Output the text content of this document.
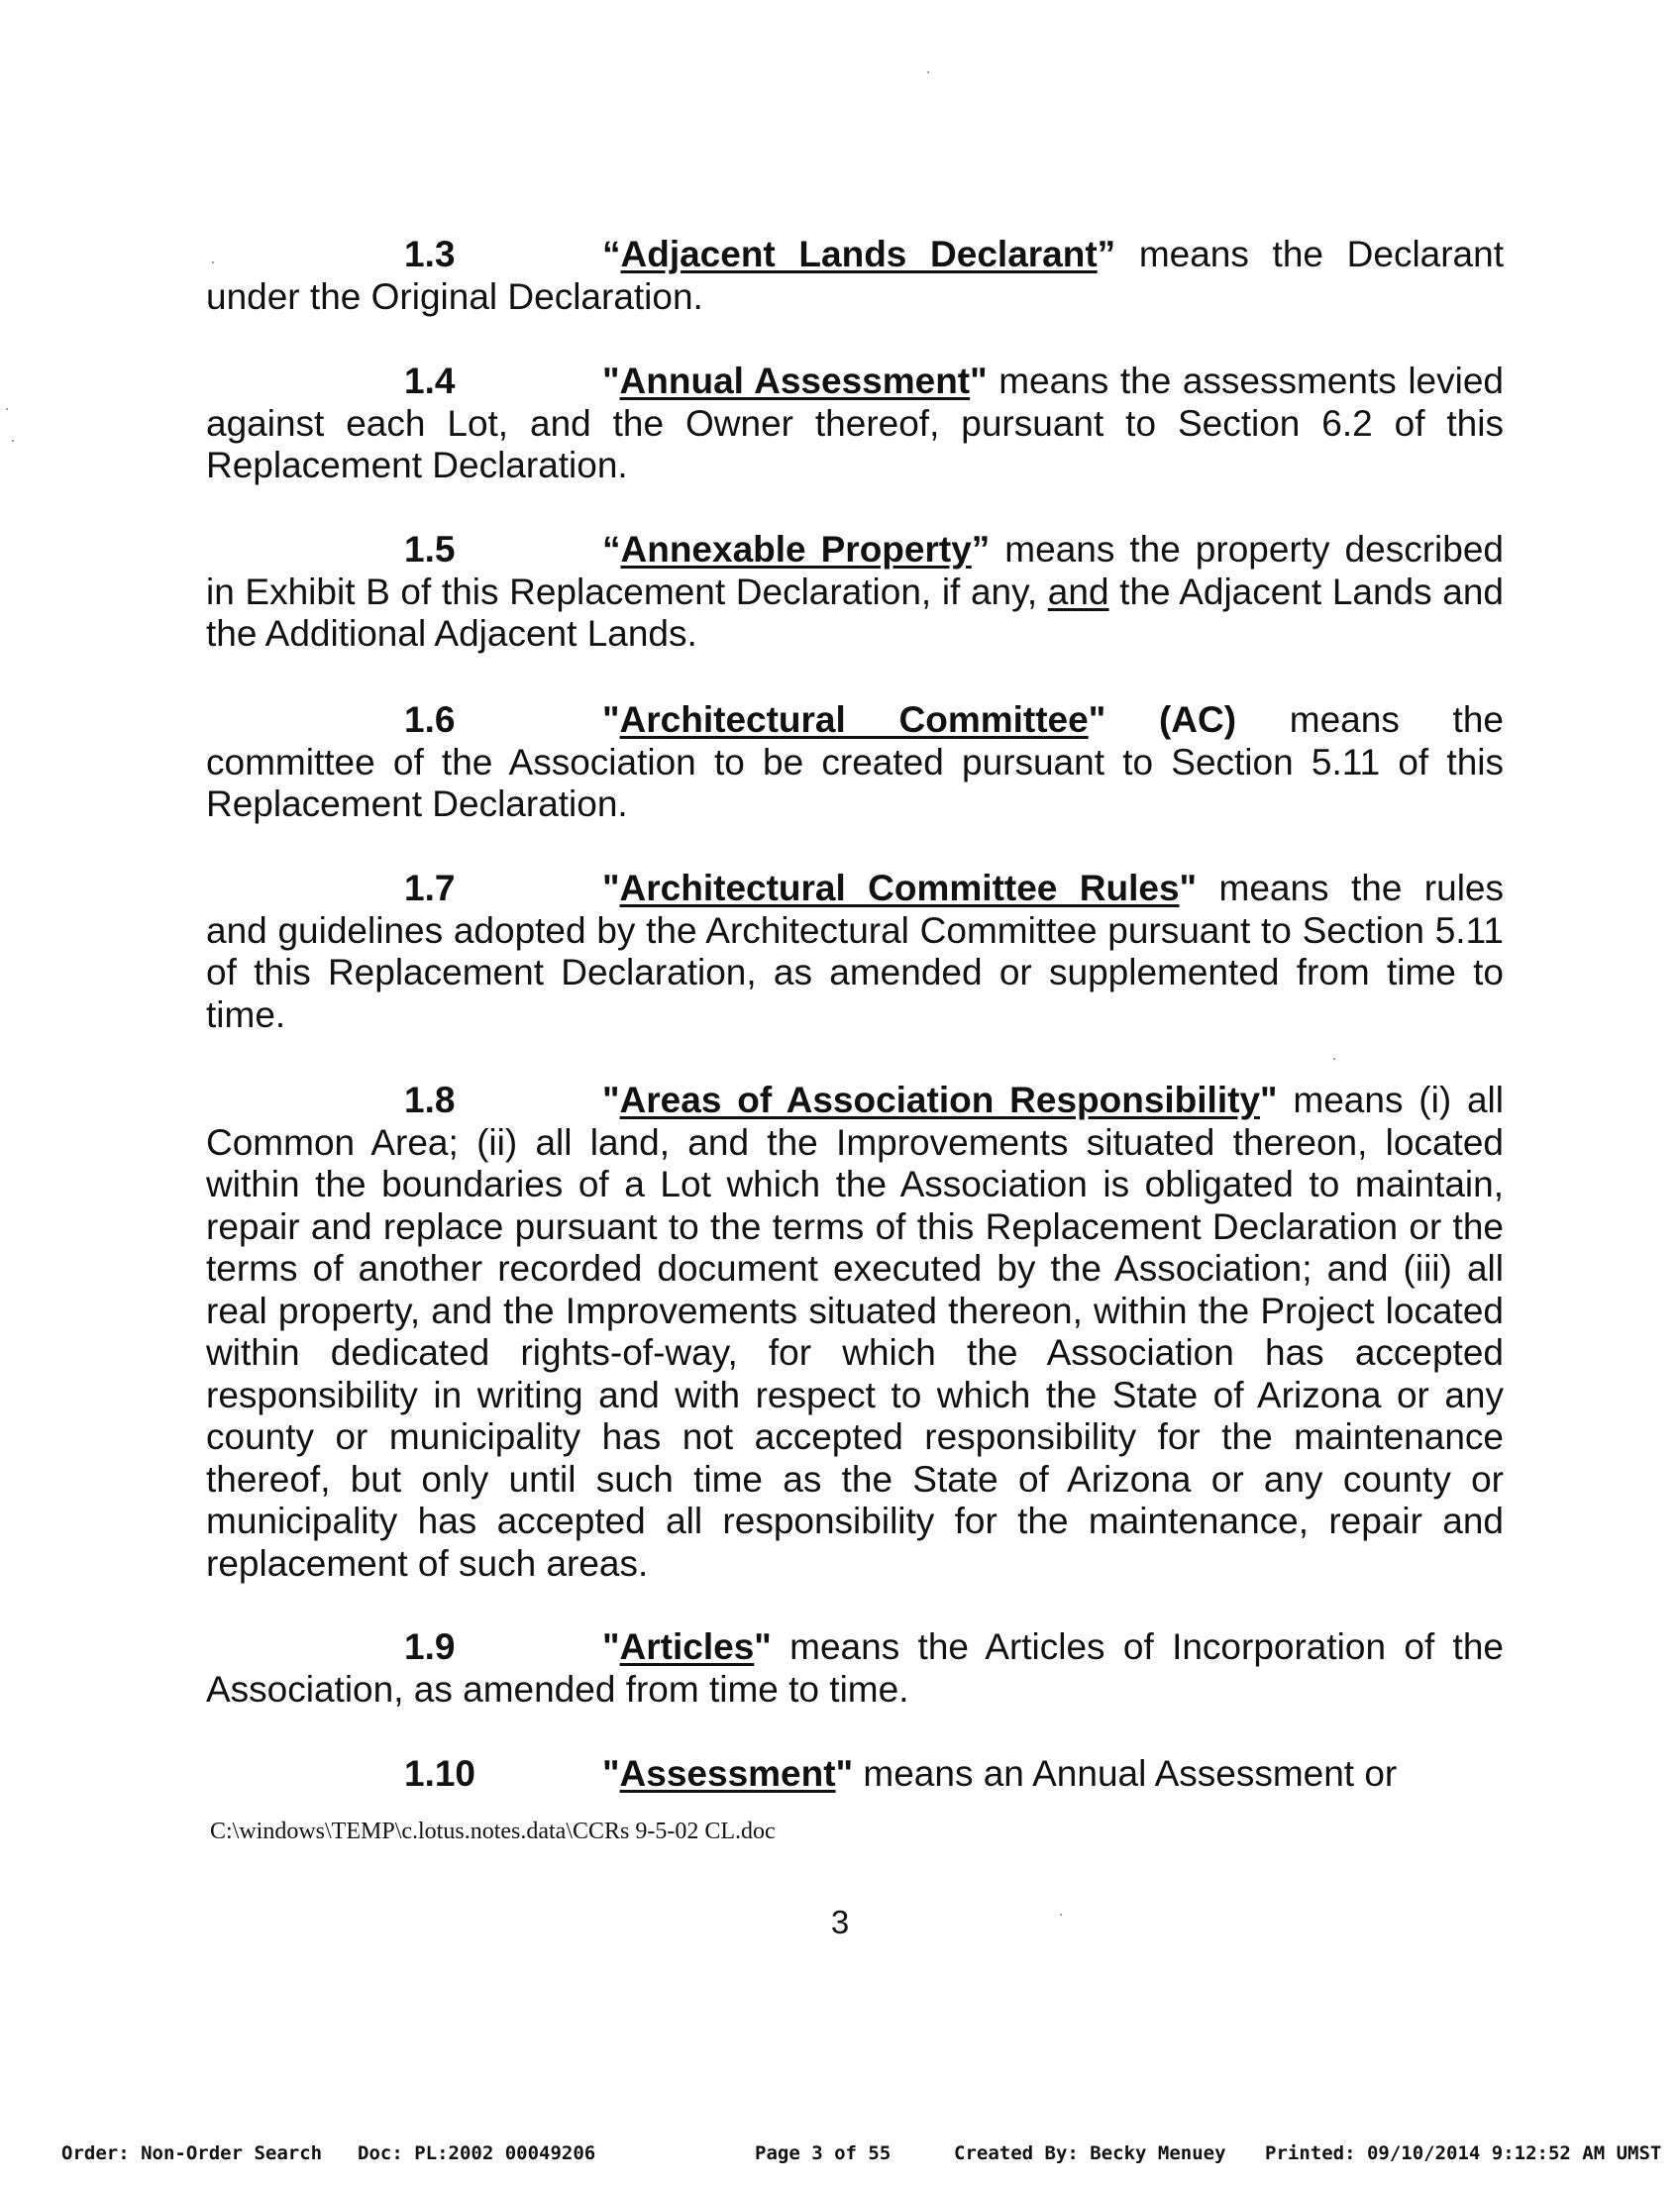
1.3	“Adjacent Lands Declarant” means the Declarant under the Original Declaration.

1.4	"Annual Assessment" means the assessments levied against each Lot, and the Owner thereof, pursuant to Section 6.2 of this Replacement Declaration.

1.5	“Annexable Property” means the property described in Exhibit B of this Replacement Declaration, if any, and the Adjacent Lands and the Additional Adjacent Lands.

1.6	"Architectural Committee" (AC) means the committee of the Association to be created pursuant to Section 5.11 of this Replacement Declaration.

1.7	"Architectural Committee Rules" means the rules and guidelines adopted by the Architectural Committee pursuant to Section 5.11 of this Replacement Declaration, as amended or supplemented from time to time.

1.8	"Areas of Association Responsibility" means (i) all Common Area; (ii) all land, and the Improvements situated thereon, located within the boundaries of a Lot which the Association is obligated to maintain, repair and replace pursuant to the terms of this Replacement Declaration or the terms of another recorded document executed by the Association; and (iii) all real property, and the Improvements situated thereon, within the Project located within dedicated rights-of-way, for which the Association has accepted responsibility in writing and with respect to which the State of Arizona or any county or municipality has not accepted responsibility for the maintenance thereof, but only until such time as the State of Arizona or any county or municipality has accepted all responsibility for the maintenance, repair and replacement of such areas.

1.9	"Articles" means the Articles of Incorporation of the Association, as amended from time to time.

1.10	"Assessment" means an Annual Assessment or

C:\windows\TEMP\c.lotus.notes.data\CCRs 9-5-02 CL.doc
3
Order: Non-Order Search Doc: PL:2002 00049206	Page 3 of 55	Created By: Becky Menuey Printed: 09/10/2014 9:12:52 AM UMST
